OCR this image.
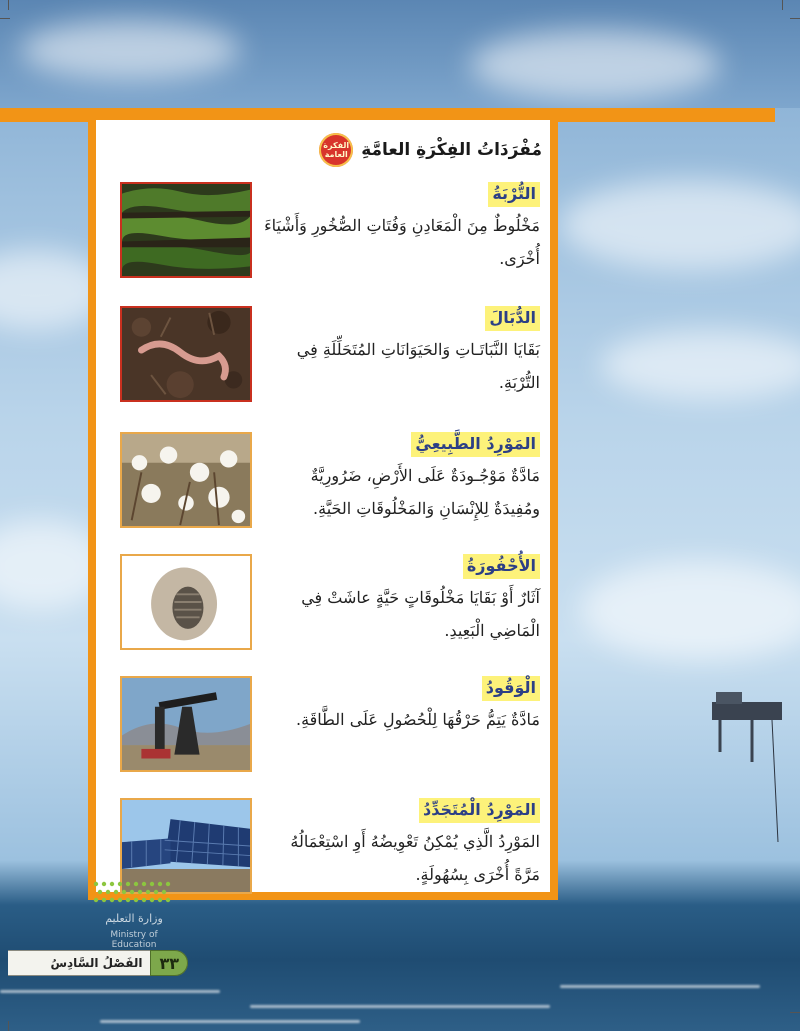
الفكرة
العامة مُفْرَدَاتُ الفِكْرَةِ العامَّةِ
التُّرْبَةُ
مَخْلُوطٌ مِنَ الْمَعَادِنِ وَفُتَاتِ الصُّخُورِ وَأَشْيَاءَ أُخْرَى.
الدُّبَالَ
بَقَايَا النَّبَاتَـاتِ وَالحَيَوَانَاتِ المُتَحَلِّلَةِ فِي التُّرْبَةِ.
المَوْرِدُ الطَّبِيعِيُّ
مَادَّةٌ مَوْجُـودَةٌ عَلَى الأَرْضِ، ضَرُورِيَّةٌ ومُفِيدَةٌ لِلإِنْسَانِ وَالمَخْلُوقَاتِ الحَيَّةِ.
الأُحْفُورَةُ
آثَارٌ أَوْ بَقَايَا مَخْلُوقَاتٍ حَيَّةٍ عاشَتْ فِي الْمَاضِي الْبَعِيدِ.
الْوَقُودُ
مَادَّةٌ يَتِمُّ حَرْقُهَا لِلْحُصُولِ عَلَى الطَّاقَةِ.
المَوْرِدُ الْمُتَجَدِّدُ
المَوْرِدُ الَّذِي يُمْكِنُ تَعْوِيضُهُ أَوِ اسْتِعْمَالُهُ مَرَّةً أُخْرَى بِسُهُولَةٍ.
وزارة التعليم
Ministry of Education
٣٣
الفَصْلُ السَّادِسُ
